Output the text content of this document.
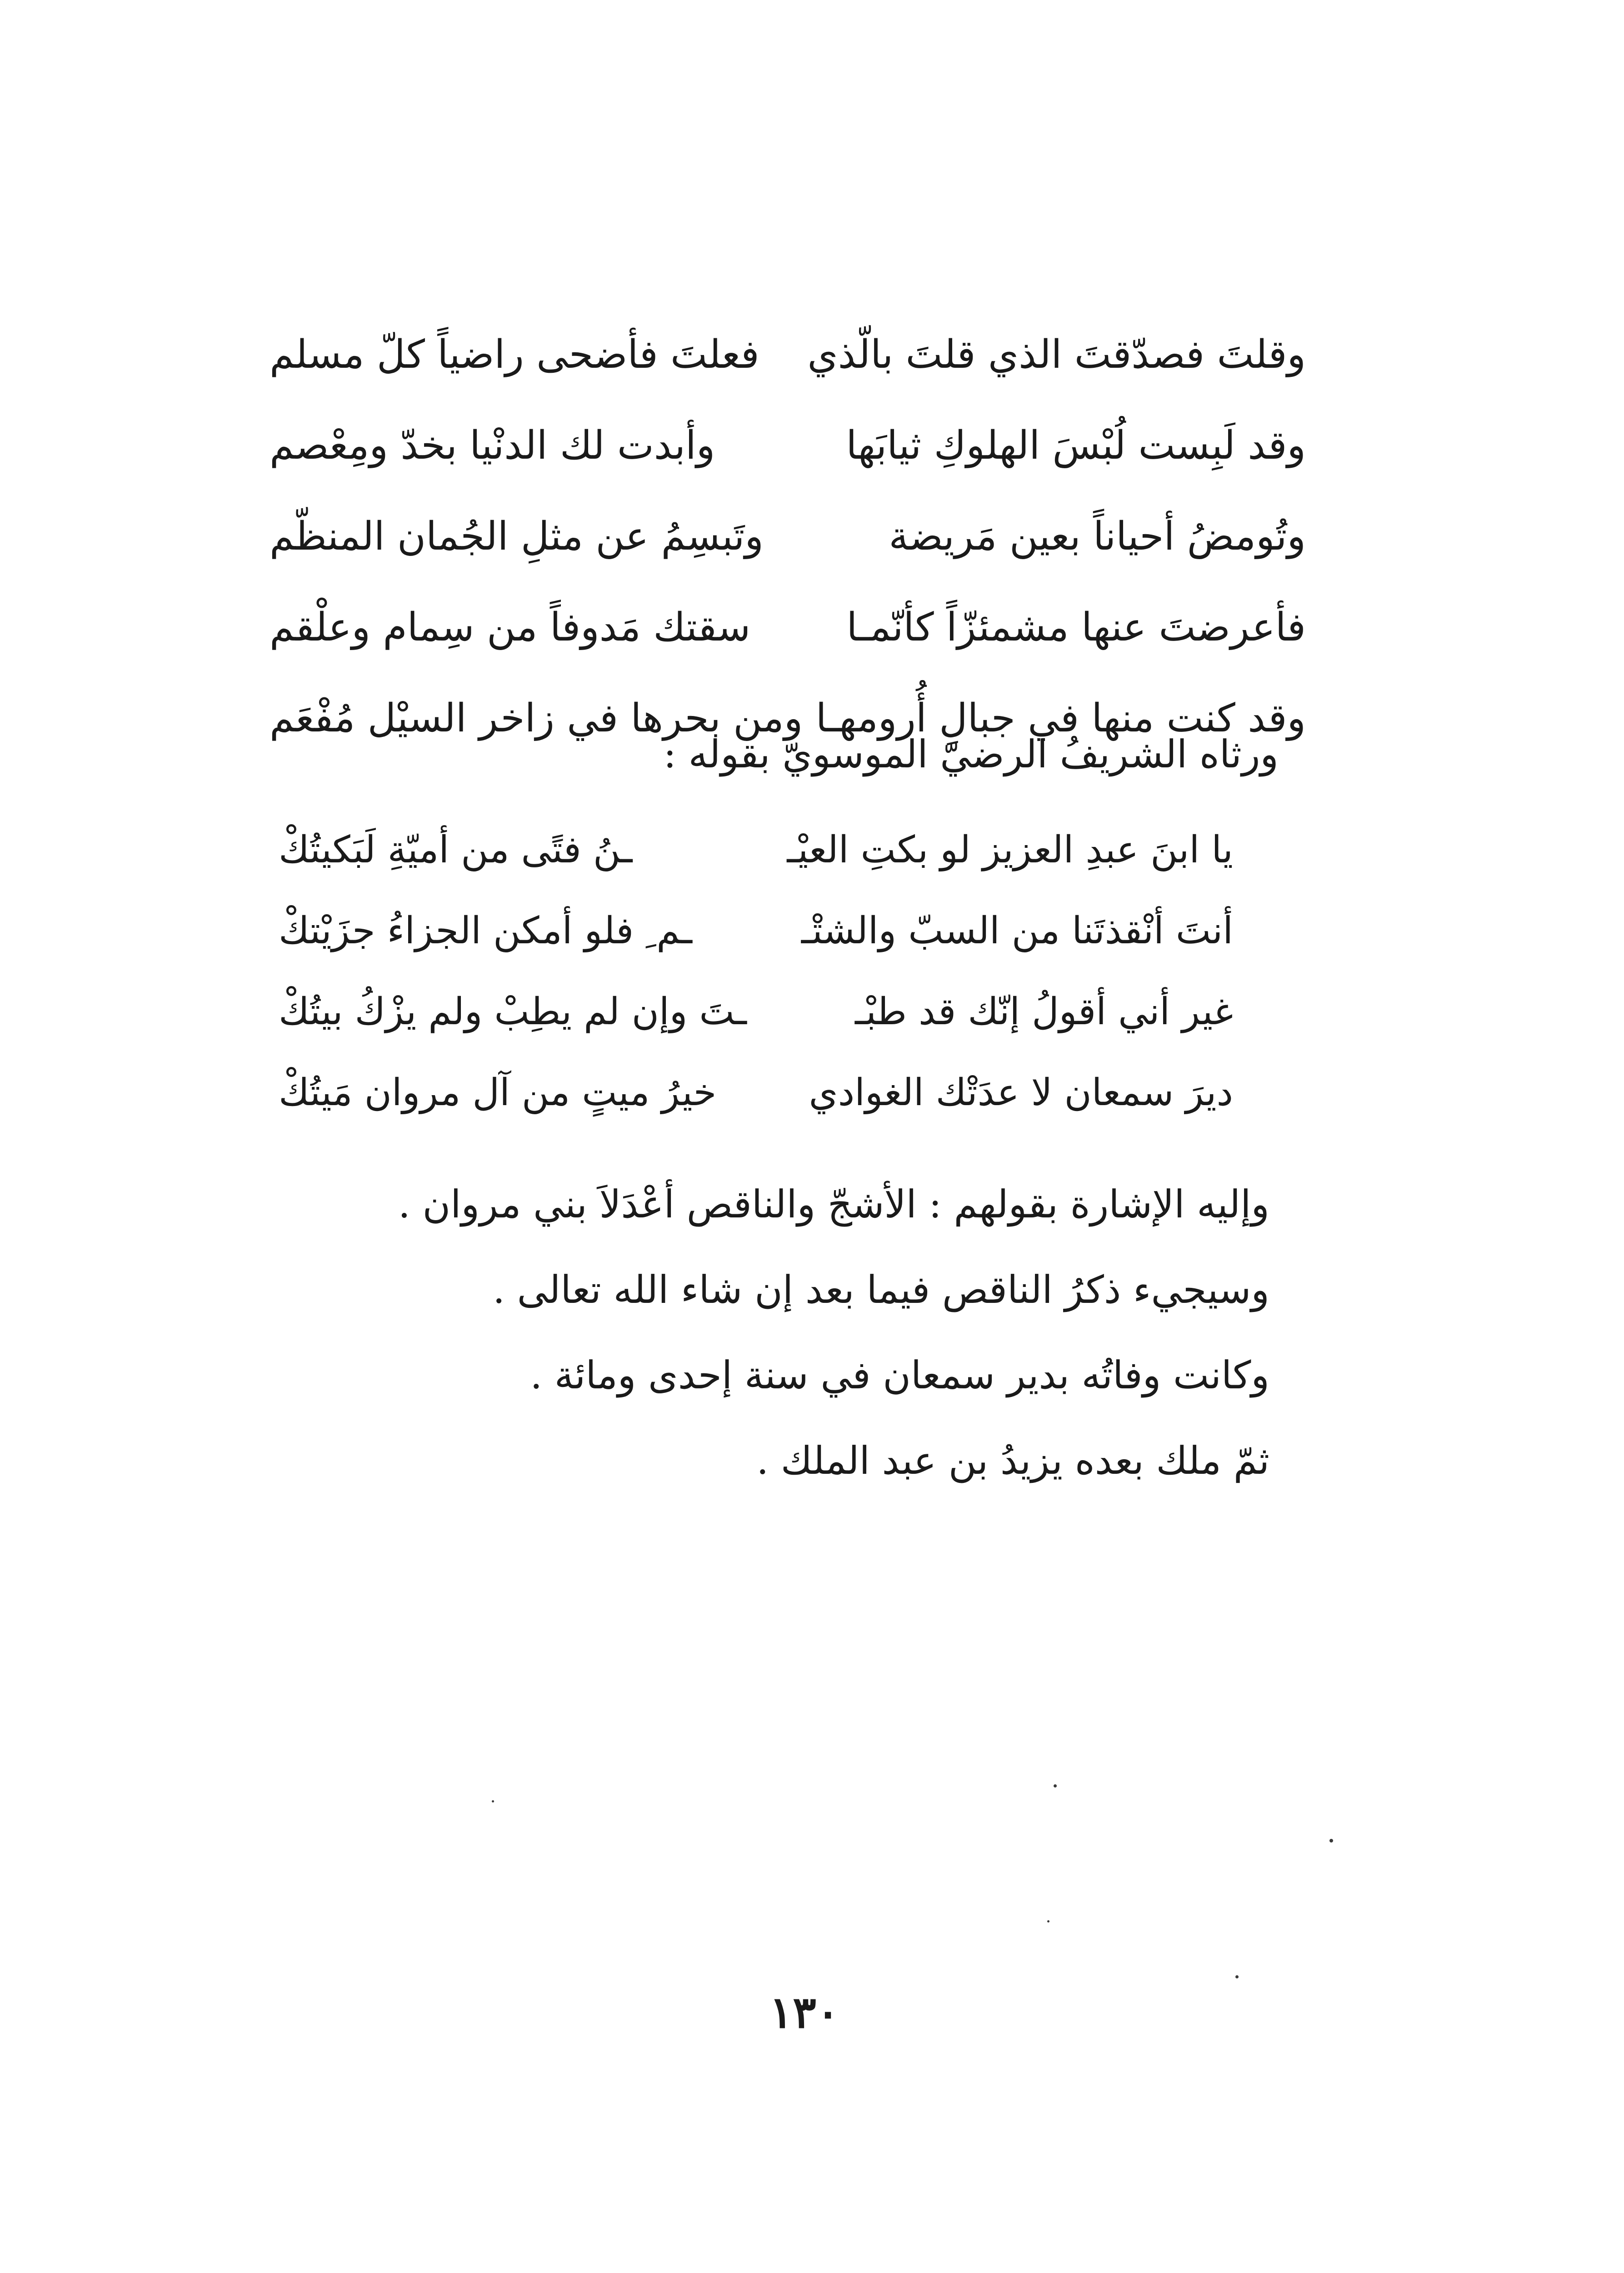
وقلتَ فصدّقتَ الذي قلتَ بالّذي
فعلتَ فأضحى راضياً كلّ مسلم
وقد لَبِست لُبْسَ الهلوكِ ثيابَها
وأبدت لك الدنْيا بخدّ ومِعْصم
وتُومضُ أحياناً بعين مَريضة
وتَبسِمُ عن مثلِ الجُمان المنظّم
فأعرضتَ عنها مشمئزّاً كأنّمـا
سقتك مَدوفاً من سِمام وعلْقم
وقد كنت منها في جبالِ أُرومهـا
ومن بحرها في زاخر السيْل مُفْعَم
ورثاه الشريفُ الرضيّ الموسويّ بقوله :
يا ابنَ عبدِ العزيز لو بكتِ العيْـ
ـنُ فتًى من أميّةِ لَبَكيتُكْ
أنتَ أنْقذتَنا من السبّ والشتْـ
ـم ِ فلو أمكن الجزاءُ جزَيْتكْ
غير أني أقولُ إنّك قد طبْـ
ـتَ وإن لم يطِبْ ولم يزْكُ بيتُكْ
ديرَ سمعان لا عدَتْك الغوادي
خيرُ ميتٍ من آل مروان مَيتُكْ
وإليه الإشارة بقولهم : الأشجّ والناقص أعْدَلاَ بني مروان .
وسيجيء ذكرُ الناقص فيما بعد إن شاء الله تعالى .
وكانت وفاتُه بدير سمعان في سنة إحدى ومائة .
ثمّ ملك بعده يزيدُ بن عبد الملك .
١٣٠
